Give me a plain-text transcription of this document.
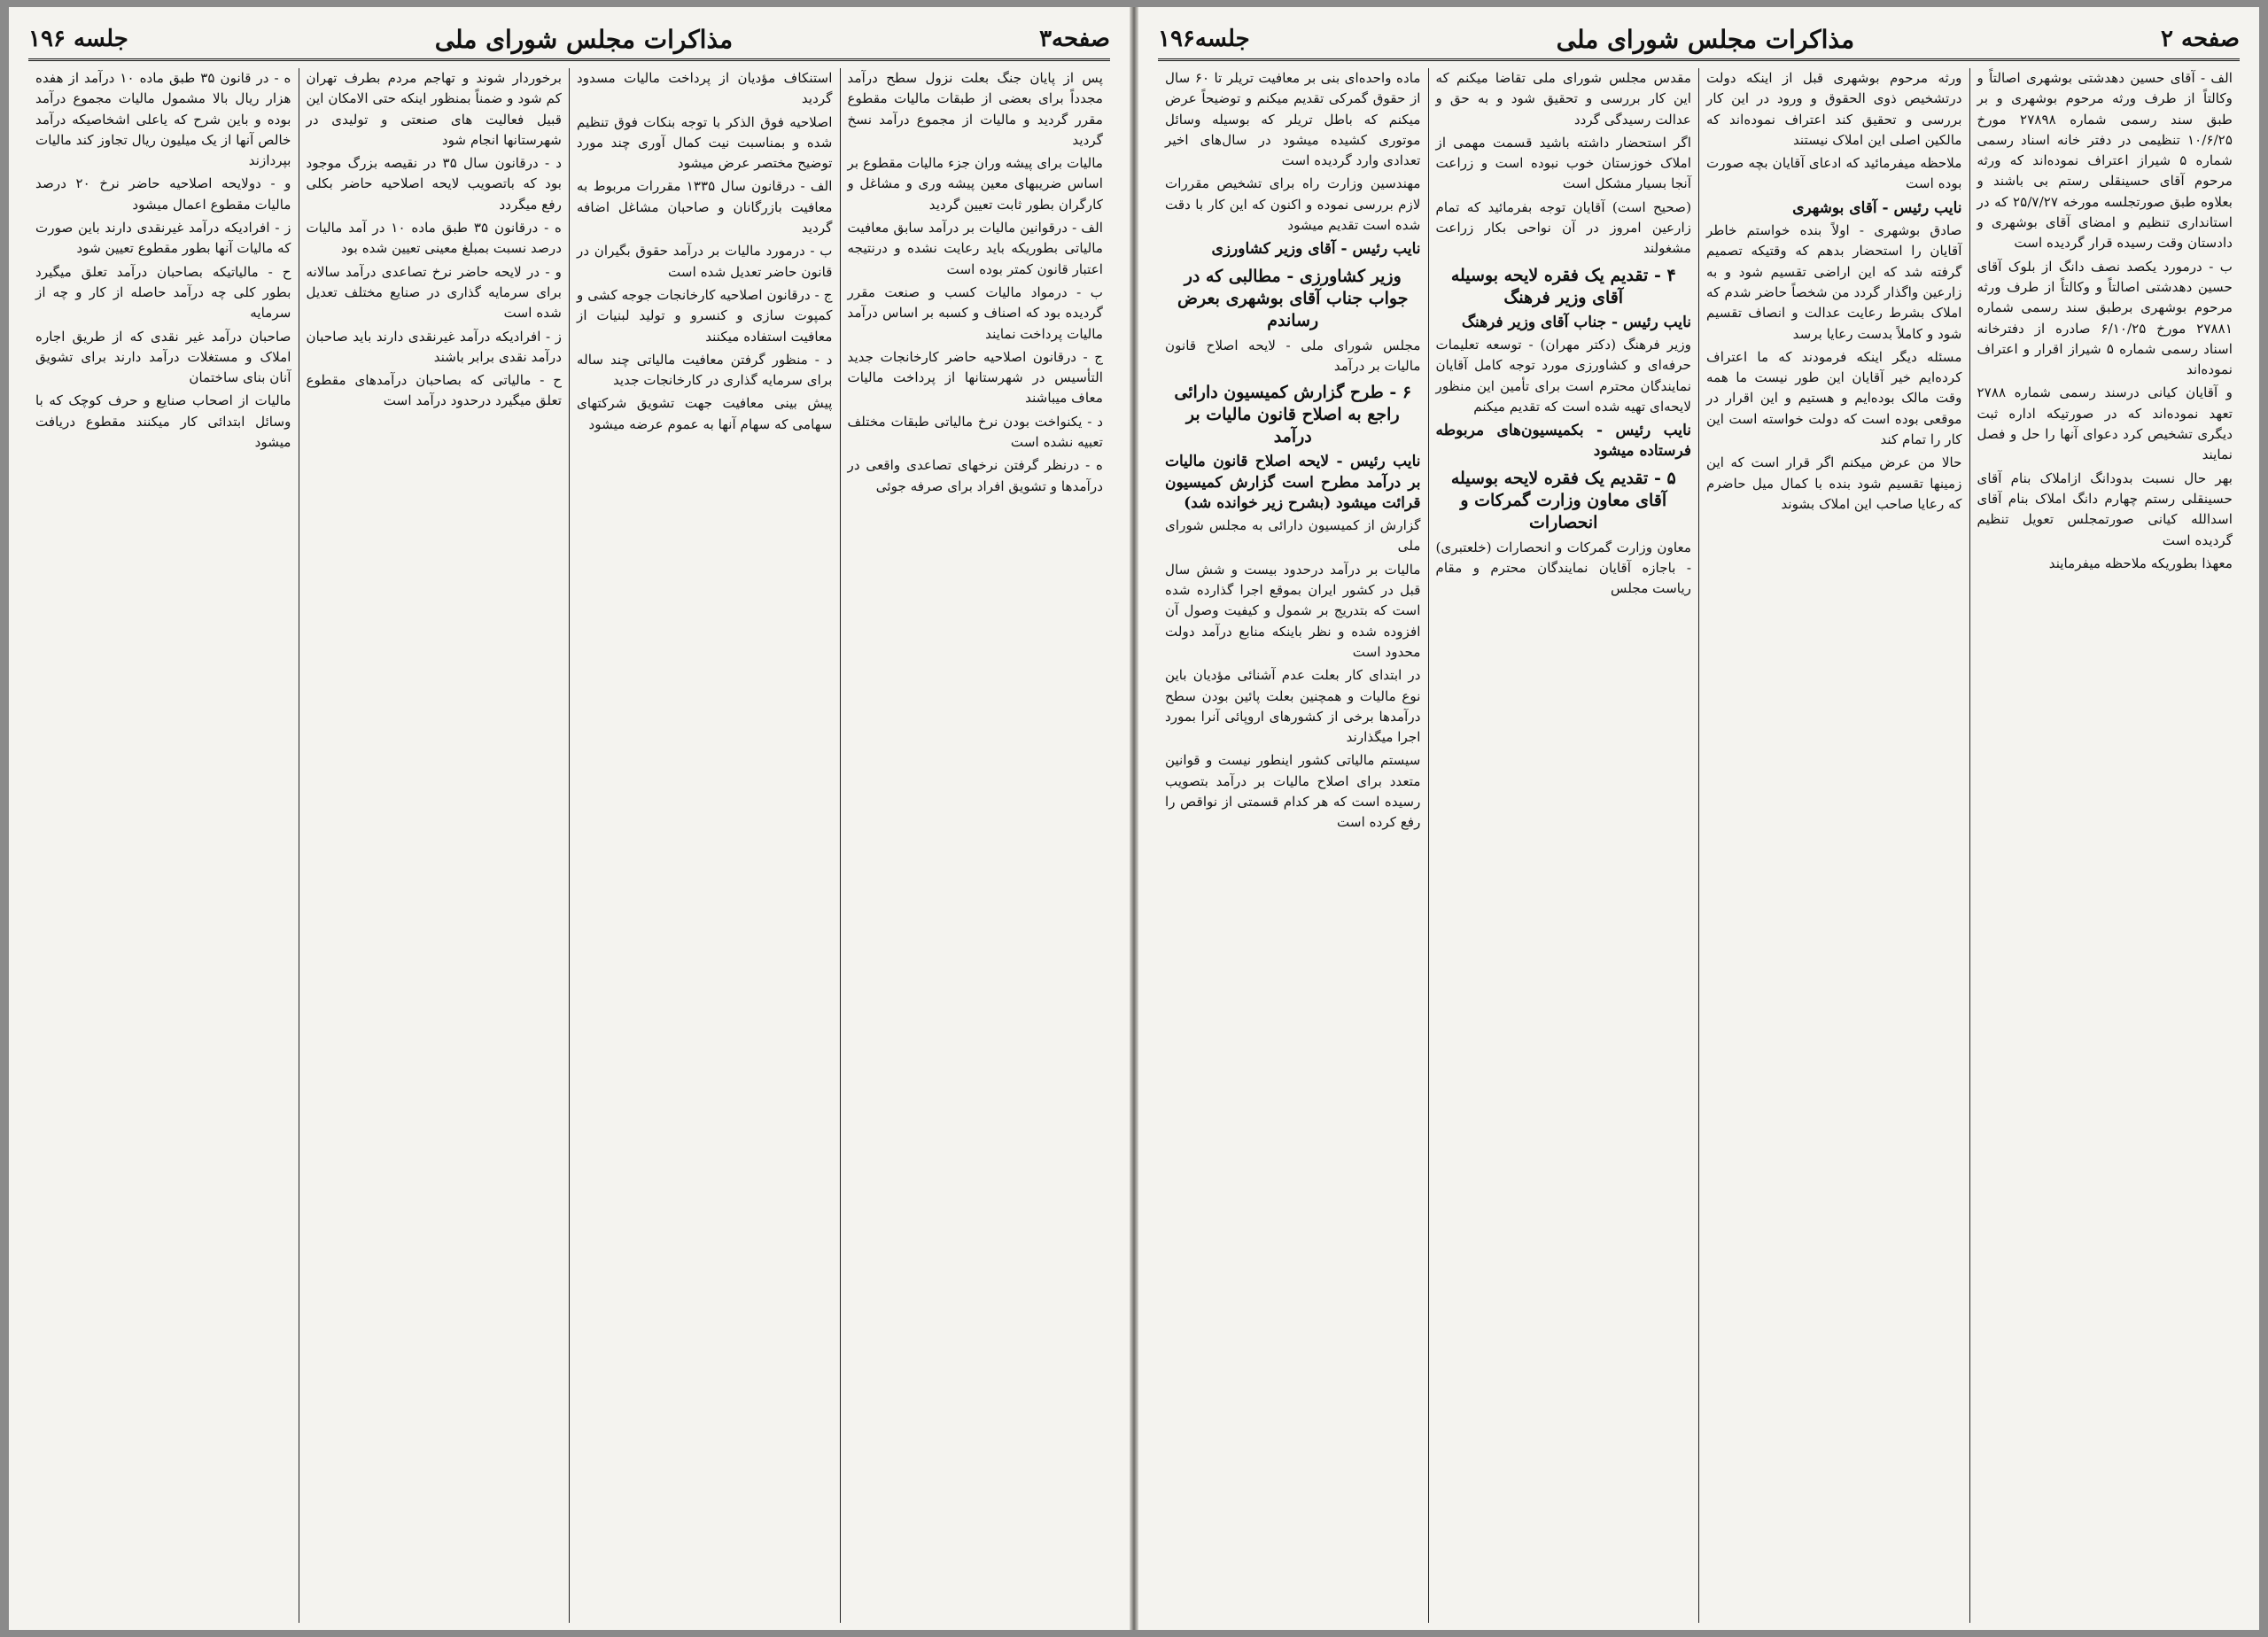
صفحه ۲
مذاکرات مجلس شورای ملی
جلسه۱۹۶

الف - آقای حسین دهدشتی بوشهری اصالتاً و وکالتاً از طرف ورثه مرحوم بوشهری و بر طبق سند رسمی شماره ۲۷۸۹۸ مورخ ۱۰/۶/۲۵ تنظیمی در دفتر خانه اسناد رسمی شماره ۵ شیراز اعتراف نموده‌اند که ورثه مرحوم آقای حسینقلی رستم بی باشند و بعلاوه طبق صورتجلسه مورخه ۲۵/۷/۲۷ که در استانداری تنظیم و امضای آقای بوشهری و دادستان وقت رسیده قرار گردیده است

ب - درمورد یکصد نصف دانگ از بلوک آقای حسین دهدشتی اصالتاً و وکالتاً از طرف ورثه مرحوم بوشهری برطبق سند رسمی شماره ۲۷۸۸۱ مورخ ۶/۱۰/۲۵ صادره از دفترخانه اسناد رسمی شماره ۵ شیراز اقرار و اعتراف نموده‌اند

و آقایان کیانی درسند رسمی شماره ۲۷۸۸ تعهد نموده‌اند که در صورتیکه اداره ثبت دیگری تشخیص کرد دعوای آنها را حل و فصل نمایند

بهر حال نسبت بدودانگ ازاملاک بنام آقای حسینقلی رستم چهارم دانگ املاک بنام آقای اسدالله کیانی صورتمجلس تعویل تنظیم گردیده است

معهذا بطوریکه ملاحظه میفرمایند

ورثه مرحوم بوشهری قبل از اینکه دولت درتشخیص ذوی الحقوق و ورود در این کار بررسی و تحقیق کند اعتراف نموده‌اند که مالکین اصلی این املاک نیستند

ملاحظه میفرمائید که ادعای آقایان بچه صورت بوده است

نایب رئیس - آقای بوشهری

صادق بوشهری - اولاً بنده خواستم خاطر آقایان را استحضار بدهم که وقتیکه تصمیم گرفته شد که این اراضی تقسیم شود و به زارعین واگذار گردد من شخصاً حاضر شدم که املاک بشرط رعایت عدالت و انصاف تقسیم شود و کاملاً بدست رعایا برسد

مسئله دیگر اینکه فرمودند که ما اعتراف کرده‌ایم خیر آقایان این طور نیست ما همه وقت مالک بوده‌ایم و هستیم و این اقرار در موقعی بوده است که دولت خواسته است این کار را تمام کند

حالا من عرض میکنم اگر قرار است که این زمینها تقسیم شود بنده با کمال میل حاضرم که رعایا صاحب این املاک بشوند

مقدس مجلس شورای ملی تقاضا میکنم که این کار بررسی و تحقیق شود و به حق و عدالت رسیدگی گردد

اگر استحضار داشته باشید قسمت مهمی از املاک خوزستان خوب نبوده است و زراعت آنجا بسیار مشکل است

(صحیح است) آقایان توجه بفرمائید که تمام زارعین امروز در آن نواحی بکار زراعت مشغولند

۴ - تقدیم یک فقره لایحه بوسیله آقای وزیر فرهنگ
نایب رئیس - جناب آقای وزیر فرهنگ

وزیر فرهنگ (دکتر مهران) - توسعه تعلیمات حرفه‌ای و کشاورزی مورد توجه کامل آقایان نمایندگان محترم است برای تأمین این منظور لایحه‌ای تهیه شده است که تقدیم میکنم

نایب رئیس - بکمیسیون‌های مربوطه فرستاده میشود
۵ - تقدیم یک فقره لایحه بوسیله آقای معاون وزارت گمرکات و انحصارات

معاون وزارت گمرکات و انحصارات (خلعتبری) - باجازه آقایان نمایندگان محترم و مقام ریاست مجلس

ماده واحده‌ای بنی بر معافیت تریلر تا ۶۰ سال از حقوق گمرکی تقدیم میکنم و توضیحاً عرض میکنم که باطل تریلر که بوسیله وسائل موتوری کشیده میشود در سال‌های اخیر تعدادی وارد گردیده است

مهندسین وزارت راه برای تشخیص مقررات لازم بررسی نموده و اکنون که این کار با دقت شده است تقدیم میشود

نایب رئیس - آقای وزیر کشاورزی
وزیر کشاورزی - مطالبی که در جواب جناب آقای بوشهری بعرض رساندم

مجلس شورای ملی - لایحه اصلاح قانون مالیات بر درآمد

۶ - طرح گزارش کمیسیون دارائی راجع به اصلاح قانون مالیات بر درآمد
نایب رئیس - لایحه اصلاح قانون مالیات بر درآمد مطرح است گزارش کمیسیون قرائت میشود (بشرح زیر خوانده شد)

گزارش از کمیسیون دارائی به مجلس شورای ملی

مالیات بر درآمد درحدود بیست و شش سال قبل در کشور ایران بموقع اجرا گذارده شده است که بتدریج بر شمول و کیفیت وصول آن افزوده شده و نظر باینکه منابع درآمد دولت محدود است

در ابتدای کار بعلت عدم آشنائی مؤدیان باین نوع مالیات و همچنین بعلت پائین بودن سطح درآمدها برخی از کشورهای اروپائی آنرا بمورد اجرا میگذارند

سیستم مالیاتی کشور اینطور نیست و قوانین متعدد برای اصلاح مالیات بر درآمد بتصویب رسیده است که هر کدام قسمتی از نواقص را رفع کرده است

صفحه۳
مذاکرات مجلس شورای ملی
جلسه ۱۹۶

پس از پایان جنگ بعلت نزول سطح درآمد مجدداً برای بعضی از طبقات مالیات مقطوع مقرر گردید و مالیات از مجموع درآمد نسخ گردید

مالیات برای پیشه وران جزء مالیات مقطوع بر اساس ضریبهای معین پیشه وری و مشاغل و کارگران بطور ثابت تعیین گردید

الف - درقوانین مالیات بر درآمد سابق معافیت مالیاتی بطوریکه باید رعایت نشده و درنتیجه اعتبار قانون کمتر بوده است

ب - درمواد مالیات کسب و صنعت مقرر گردیده بود که اصناف و کسبه بر اساس درآمد مالیات پرداخت نمایند

ج - درقانون اصلاحیه حاضر کارخانجات جدید التأسیس در شهرستانها از پرداخت مالیات معاف میباشند

د - یکنواخت بودن نرخ مالیاتی طبقات مختلف تعبیه نشده است

ه - درنظر گرفتن نرخهای تصاعدی واقعی در درآمدها و تشویق افراد برای صرفه جوئی

استنکاف مؤدیان از پرداخت مالیات مسدود گردید

اصلاحیه فوق الذکر با توجه بنکات فوق تنظیم شده و بمناسبت نیت کمال آوری چند مورد توضیح مختصر عرض میشود

الف - درقانون سال ۱۳۳۵ مقررات مربوط به معافیت بازرگانان و صاحبان مشاغل اضافه گردید

ب - درمورد مالیات بر درآمد حقوق بگیران در قانون حاضر تعدیل شده است

ج - درقانون اصلاحیه کارخانجات جوجه کشی و کمپوت سازی و کنسرو و تولید لبنیات از معافیت استفاده میکنند

د - منظور گرفتن معافیت مالیاتی چند ساله برای سرمایه گذاری در کارخانجات جدید

پیش بینی معافیت جهت تشویق شرکتهای سهامی که سهام آنها به عموم عرضه میشود

برخوردار شوند و تهاجم مردم بطرف تهران کم شود و ضمناً بمنظور اینکه حتی الامکان این قبیل فعالیت های صنعتی و تولیدی در شهرستانها انجام شود

د - درقانون سال ۳۵ در نقیصه بزرگ موجود بود که باتصویب لایحه اصلاحیه حاضر بکلی رفع میگردد

ه - درقانون ۳۵ طبق ماده ۱۰ در آمد مالیات درصد نسبت بمبلغ معینی تعیین شده بود

و - در لایحه حاضر نرخ تصاعدی درآمد سالانه برای سرمایه گذاری در صنایع مختلف تعدیل شده است

ز - افرادیکه درآمد غیرنقدی دارند باید صاحبان درآمد نقدی برابر باشند

ح - مالیاتی که بصاحبان درآمدهای مقطوع تعلق میگیرد درحدود درآمد است

ه - در قانون ۳۵ طبق ماده ۱۰ درآمد از هفده هزار ریال بالا مشمول مالیات مجموع درآمد بوده و باین شرح که یاعلی اشخاصیکه درآمد خالص آنها از یک میلیون ریال تجاوز کند مالیات بپردازند

و - دولایحه اصلاحیه حاضر نرخ ۲۰ درصد مالیات مقطوع اعمال میشود

ز - افرادیکه درآمد غیرنقدی دارند باین صورت که مالیات آنها بطور مقطوع تعیین شود

ح - مالیاتیکه بصاحبان درآمد تعلق میگیرد بطور کلی چه درآمد حاصله از کار و چه از سرمایه

صاحبان درآمد غیر نقدی که از طریق اجاره املاک و مستغلات درآمد دارند برای تشویق آنان بنای ساختمان

مالیات از اصحاب صنایع و حرف کوچک که با وسائل ابتدائی کار میکنند مقطوع دریافت میشود
